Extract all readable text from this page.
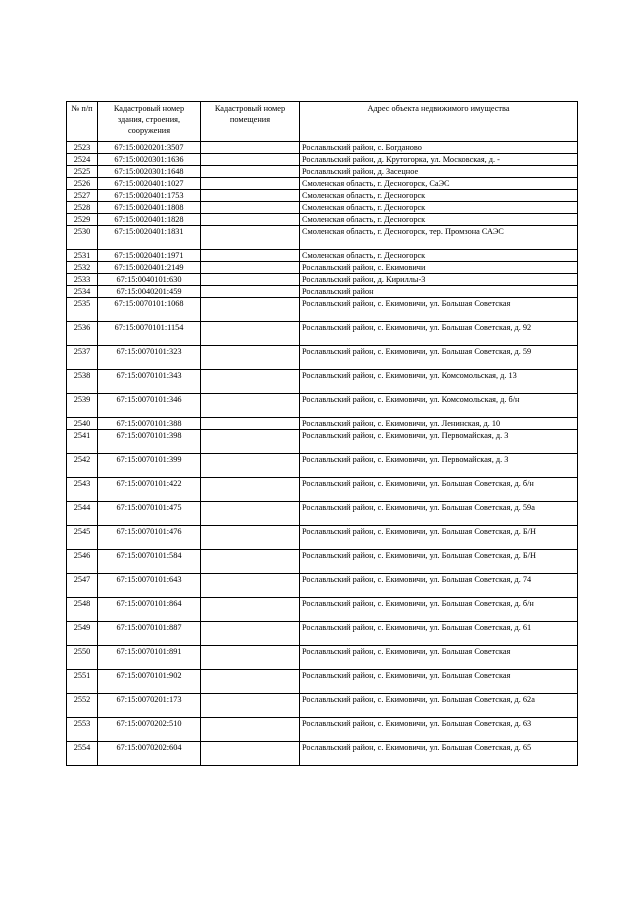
№ п/п	Кадастровый номер здания, строения, сооружения	Кадастровый номер помещения	Адрес объекта недвижимого имущества
2523	67:15:0020201:3507		Рославльский район, с. Богданово
2524	67:15:0020301:1636		Рославльский район, д. Крутогорка, ул. Московская, д. -
2525	67:15:0020301:1648		Рославльский район, д. Засецное
2526	67:15:0020401:1027		Смоленская область, г. Десногорск, СаЭС
2527	67:15:0020401:1753		Смоленская область, г. Десногорск
2528	67:15:0020401:1808		Смоленская область, г. Десногорск
2529	67:15:0020401:1828		Смоленская область, г. Десногорск
2530	67:15:0020401:1831		Смоленская область, г. Десногорск, тер. Промзона САЭС
2531	67:15:0020401:1971		Смоленская область, г. Десногорск
2532	67:15:0020401:2149		Рославльский район, с. Екимовичи
2533	67:15:0040101:630		Рославльский район, д. Кириллы-3
2534	67:15:0040201:459		Рославльский район
2535	67:15:0070101:1068		Рославльский район, с. Екимовичи, ул. Большая Советская
2536	67:15:0070101:1154		Рославльский район, с. Екимовичи, ул. Большая Советская, д. 92
2537	67:15:0070101:323		Рославльский район, с. Екимовичи, ул. Большая Советская, д. 59
2538	67:15:0070101:343		Рославльский район, с. Екимовичи, ул. Комсомольская, д. 13
2539	67:15:0070101:346		Рославльский район, с. Екимовичи, ул. Комсомольская, д. б/н
2540	67:15:0070101:388		Рославльский район, с. Екимовичи, ул. Ленинская, д. 10
2541	67:15:0070101:398		Рославльский район, с. Екимовичи, ул. Первомайская, д. 3
2542	67:15:0070101:399		Рославльский район, с. Екимовичи, ул. Первомайская, д. 3
2543	67:15:0070101:422		Рославльский район, с. Екимовичи, ул. Большая Советская, д. б/н
2544	67:15:0070101:475		Рославльский район, с. Екимовичи, ул. Большая Советская, д. 59а
2545	67:15:0070101:476		Рославльский район, с. Екимовичи, ул. Большая Советская, д. Б/Н
2546	67:15:0070101:584		Рославльский район, с. Екимовичи, ул. Большая Советская, д. Б/Н
2547	67:15:0070101:643		Рославльский район, с. Екимовичи, ул. Большая Советская, д. 74
2548	67:15:0070101:864		Рославльский район, с. Екимовичи, ул. Большая Советская, д. б/н
2549	67:15:0070101:887		Рославльский район, с. Екимовичи, ул. Большая Советская, д. 61
2550	67:15:0070101:891		Рославльский район, с. Екимовичи, ул. Большая Советская
2551	67:15:0070101:902		Рославльский район, с. Екимовичи, ул. Большая Советская
2552	67:15:0070201:173		Рославльский район, с. Екимовичи, ул. Большая Советская, д. 62а
2553	67:15:0070202:510		Рославльский район, с. Екимовичи, ул. Большая Советская, д. 63
2554	67:15:0070202:604		Рославльский район, с. Екимовичи, ул. Большая Советская, д. 65
